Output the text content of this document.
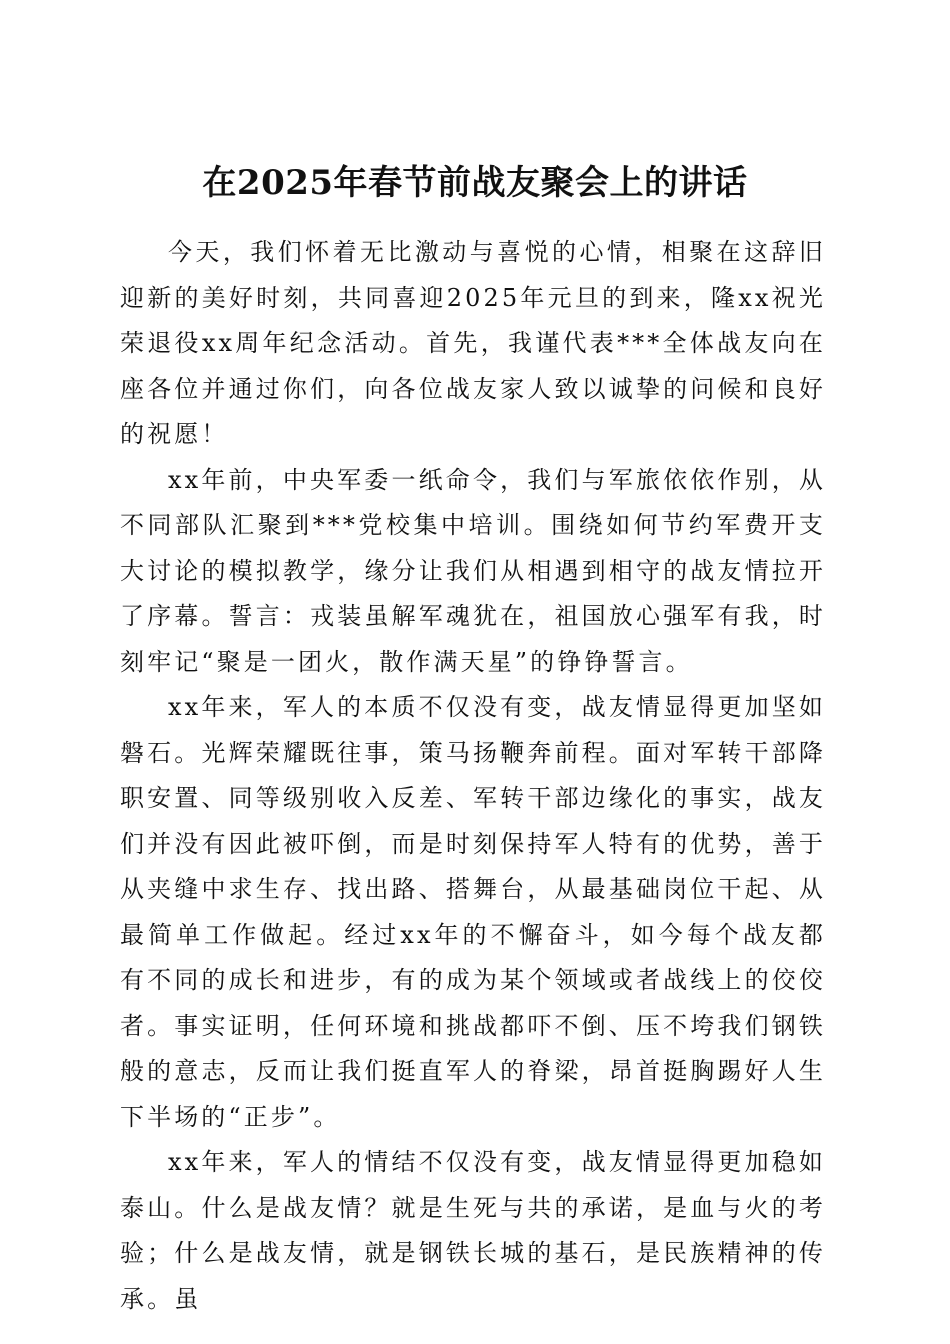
在2025年春节前战友聚会上的讲话

今天，我们怀着无比激动与喜悦的心情，相聚在这辞旧迎新的美好时刻，共同喜迎2025年元旦的到来，隆xx祝光荣退役xx周年纪念活动。首先，我谨代表***全体战友向在座各位并通过你们，向各位战友家人致以诚挚的问候和良好的祝愿！

xx年前，中央军委一纸命令，我们与军旅依依作别，从不同部队汇聚到***党校集中培训。围绕如何节约军费开支大讨论的模拟教学，缘分让我们从相遇到相守的战友情拉开了序幕。誓言：戎装虽解军魂犹在，祖国放心强军有我，时刻牢记“聚是一团火，散作满天星”的铮铮誓言。

xx年来，军人的本质不仅没有变，战友情显得更加坚如磐石。光辉荣耀既往事，策马扬鞭奔前程。面对军转干部降职安置、同等级别收入反差、军转干部边缘化的事实，战友们并没有因此被吓倒，而是时刻保持军人特有的优势，善于从夹缝中求生存、找出路、搭舞台，从最基础岗位干起、从最简单工作做起。经过xx年的不懈奋斗，如今每个战友都有不同的成长和进步，有的成为某个领域或者战线上的佼佼者。事实证明，任何环境和挑战都吓不倒、压不垮我们钢铁般的意志，反而让我们挺直军人的脊梁，昂首挺胸踢好人生下半场的“正步”。

xx年来，军人的情结不仅没有变，战友情显得更加稳如泰山。什么是战友情？就是生死与共的承诺，是血与火的考验；什么是战友情，就是钢铁长城的基石，是民族精神的传承。虽
